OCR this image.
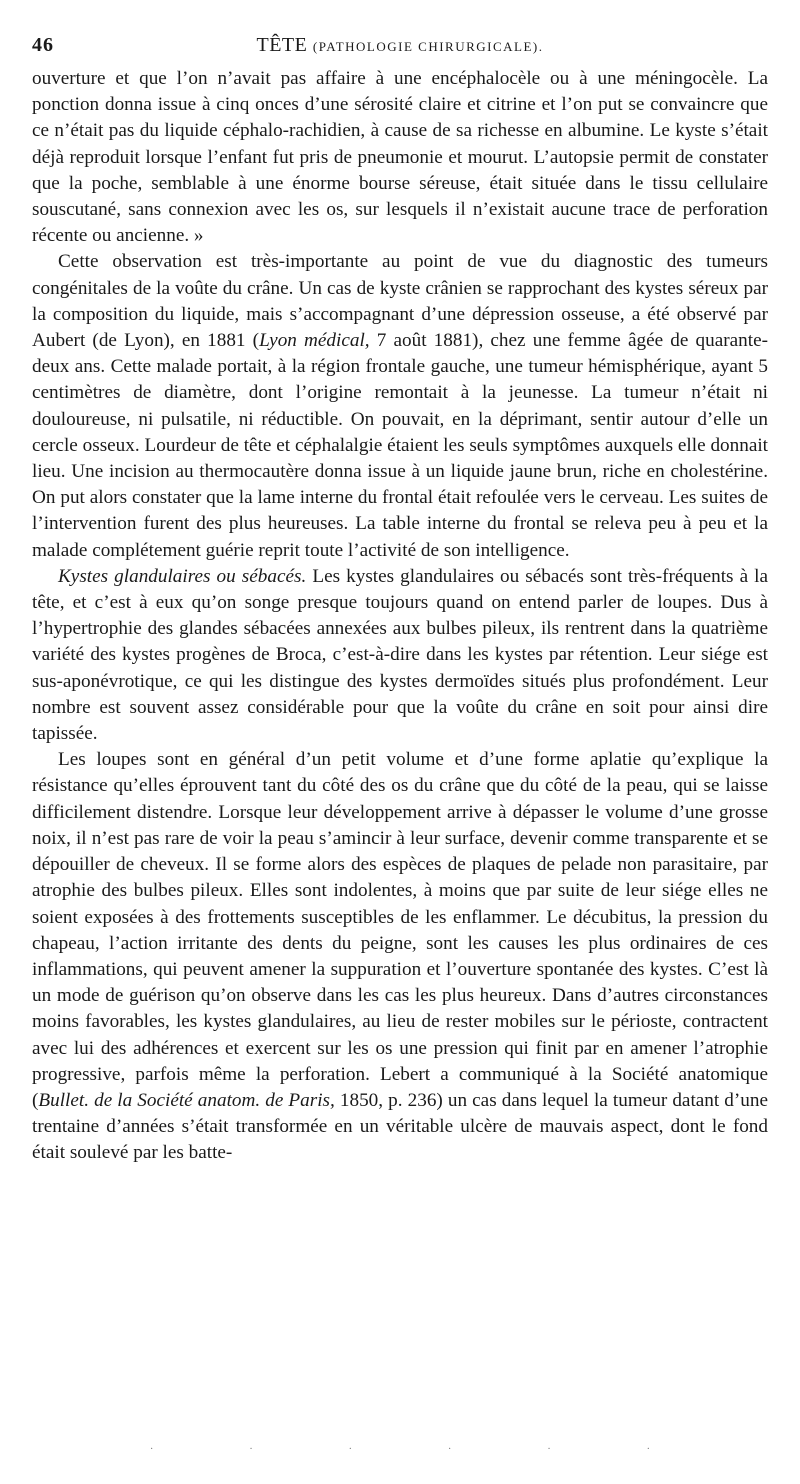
46	TÊTE (PATHOLOGIE CHIRURGICALE).

ouverture et que l’on n’avait pas affaire à une encéphalocèle ou à une méningocèle. La ponction donna issue à cinq onces d’une sérosité claire et citrine et l’on put se convaincre que ce n’était pas du liquide céphalo-rachidien, à cause de sa richesse en albumine. Le kyste s’était déjà reproduit lorsque l’enfant fut pris de pneumonie et mourut. L’autopsie permit de constater que la poche, semblable à une énorme bourse séreuse, était située dans le tissu cellulaire souscutané, sans connexion avec les os, sur lesquels il n’existait aucune trace de perforation récente ou ancienne. »

Cette observation est très-importante au point de vue du diagnostic des tumeurs congénitales de la voûte du crâne. Un cas de kyste crânien se rapprochant des kystes séreux par la composition du liquide, mais s’accompagnant d’une dépression osseuse, a été observé par Aubert (de Lyon), en 1881 (Lyon médical, 7 août 1881), chez une femme âgée de quarante-deux ans. Cette malade portait, à la région frontale gauche, une tumeur hémisphérique, ayant 5 centimètres de diamètre, dont l’origine remontait à la jeunesse. La tumeur n’était ni douloureuse, ni pulsatile, ni réductible. On pouvait, en la déprimant, sentir autour d’elle un cercle osseux. Lourdeur de tête et céphalalgie étaient les seuls symptômes auxquels elle donnait lieu. Une incision au thermocautère donna issue à un liquide jaune brun, riche en cholestérine. On put alors constater que la lame interne du frontal était refoulée vers le cerveau. Les suites de l’intervention furent des plus heureuses. La table interne du frontal se releva peu à peu et la malade complétement guérie reprit toute l’activité de son intelligence.

Kystes glandulaires ou sébacés. Les kystes glandulaires ou sébacés sont très-fréquents à la tête, et c’est à eux qu’on songe presque toujours quand on entend parler de loupes. Dus à l’hypertrophie des glandes sébacées annexées aux bulbes pileux, ils rentrent dans la quatrième variété des kystes progènes de Broca, c’est-à-dire dans les kystes par rétention. Leur siége est sus-aponévrotique, ce qui les distingue des kystes dermoïdes situés plus profondément. Leur nombre est souvent assez considérable pour que la voûte du crâne en soit pour ainsi dire tapissée.

Les loupes sont en général d’un petit volume et d’une forme aplatie qu’explique la résistance qu’elles éprouvent tant du côté des os du crâne que du côté de la peau, qui se laisse difficilement distendre. Lorsque leur développement arrive à dépasser le volume d’une grosse noix, il n’est pas rare de voir la peau s’amincir à leur surface, devenir comme transparente et se dépouiller de cheveux. Il se forme alors des espèces de plaques de pelade non parasitaire, par atrophie des bulbes pileux. Elles sont indolentes, à moins que par suite de leur siége elles ne soient exposées à des frottements susceptibles de les enflammer. Le décubitus, la pression du chapeau, l’action irritante des dents du peigne, sont les causes les plus ordinaires de ces inflammations, qui peuvent amener la suppuration et l’ouverture spontanée des kystes. C’est là un mode de guérison qu’on observe dans les cas les plus heureux. Dans d’autres circonstances moins favorables, les kystes glandulaires, au lieu de rester mobiles sur le périoste, contractent avec lui des adhérences et exercent sur les os une pression qui finit par en amener l’atrophie progressive, parfois même la perforation. Lebert a communiqué à la Société anatomique (Bullet. de la Société anatom. de Paris, 1850, p. 236) un cas dans lequel la tumeur datant d’une trentaine d’années s’était transformée en un véritable ulcère de mauvais aspect, dont le fond était soulevé par les batte-

·	·	·	·	·	·
